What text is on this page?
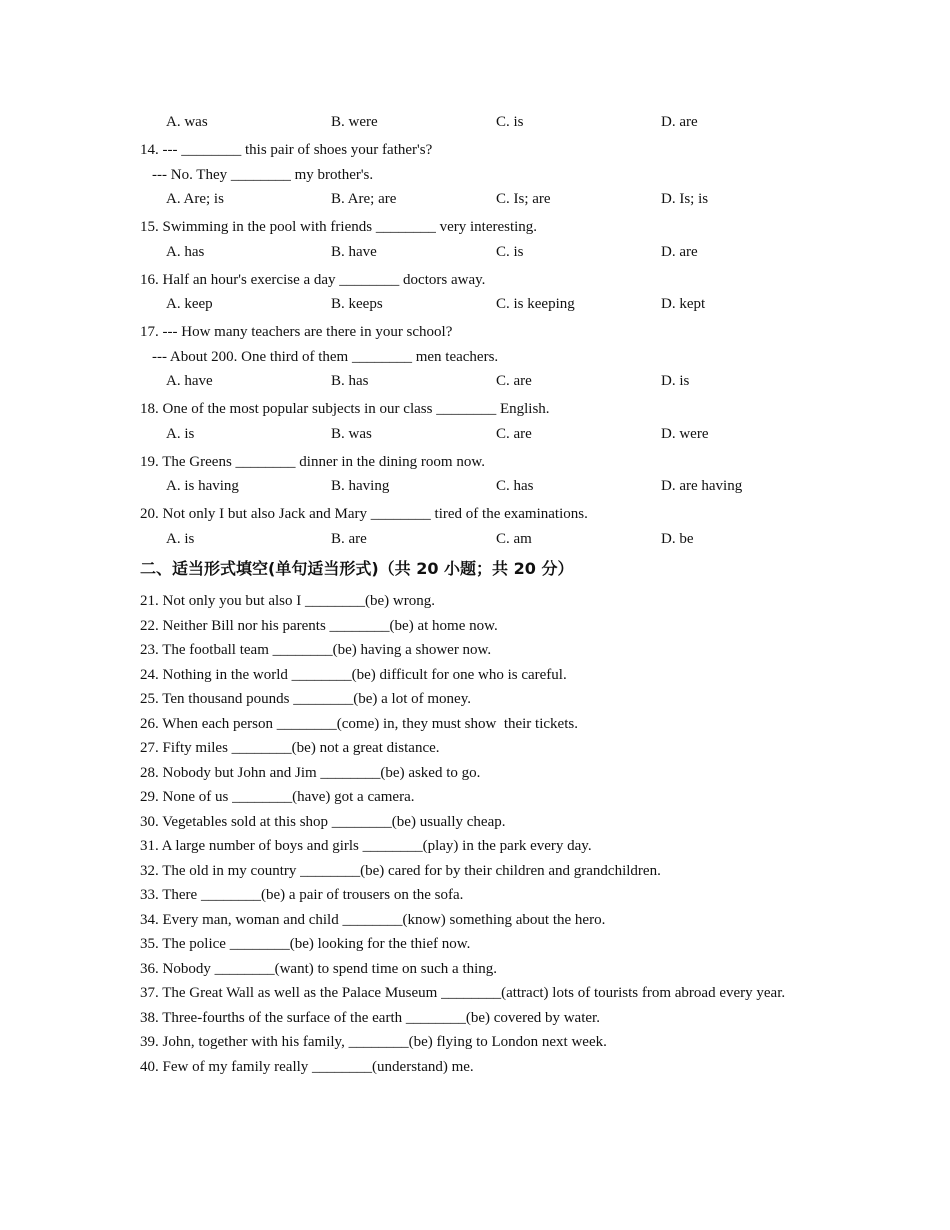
A. was	B. were	C. is	D. are
14. --- ________ this pair of shoes your father's?
--- No. They ________ my brother's.
A. Are; is	B. Are; are	C. Is; are	D. Is; is
15. Swimming in the pool with friends ________ very interesting.
A. has	B. have	C. is	D. are
16. Half an hour's exercise a day ________ doctors away.
A. keep	B. keeps	C. is keeping	D. kept
17. --- How many teachers are there in your school?
--- About 200. One third of them ________ men teachers.
A. have	B. has	C. are	D. is
18. One of the most popular subjects in our class ________ English.
A. is	B. was	C. are	D. were
19. The Greens ________ dinner in the dining room now.
A. is having	B. having	C. has	D. are having
20. Not only I but also Jack and Mary ________ tired of the examinations.
A. is	B. are	C. am	D. be
二、适当形式填空(单句适当形式)（共 20 小题；共 20 分）
21. Not only you but also I ________(be) wrong.
22. Neither Bill nor his parents ________(be) at home now.
23. The football team ________(be) having a shower now.
24. Nothing in the world ________(be) difficult for one who is careful.
25. Ten thousand pounds ________(be) a lot of money.
26. When each person ________(come) in, they must show  their tickets.
27. Fifty miles ________(be) not a great distance.
28. Nobody but John and Jim ________(be) asked to go.
29. None of us ________(have) got a camera.
30. Vegetables sold at this shop ________(be) usually cheap.
31. A large number of boys and girls ________(play) in the park every day.
32. The old in my country ________(be) cared for by their children and grandchildren.
33. There ________(be) a pair of trousers on the sofa.
34. Every man, woman and child ________(know) something about the hero.
35. The police ________(be) looking for the thief now.
36. Nobody ________(want) to spend time on such a thing.
37. The Great Wall as well as the Palace Museum ________(attract) lots of tourists from abroad every year.
38. Three-fourths of the surface of the earth ________(be) covered by water.
39. John, together with his family, ________(be) flying to London next week.
40. Few of my family really ________(understand) me.
